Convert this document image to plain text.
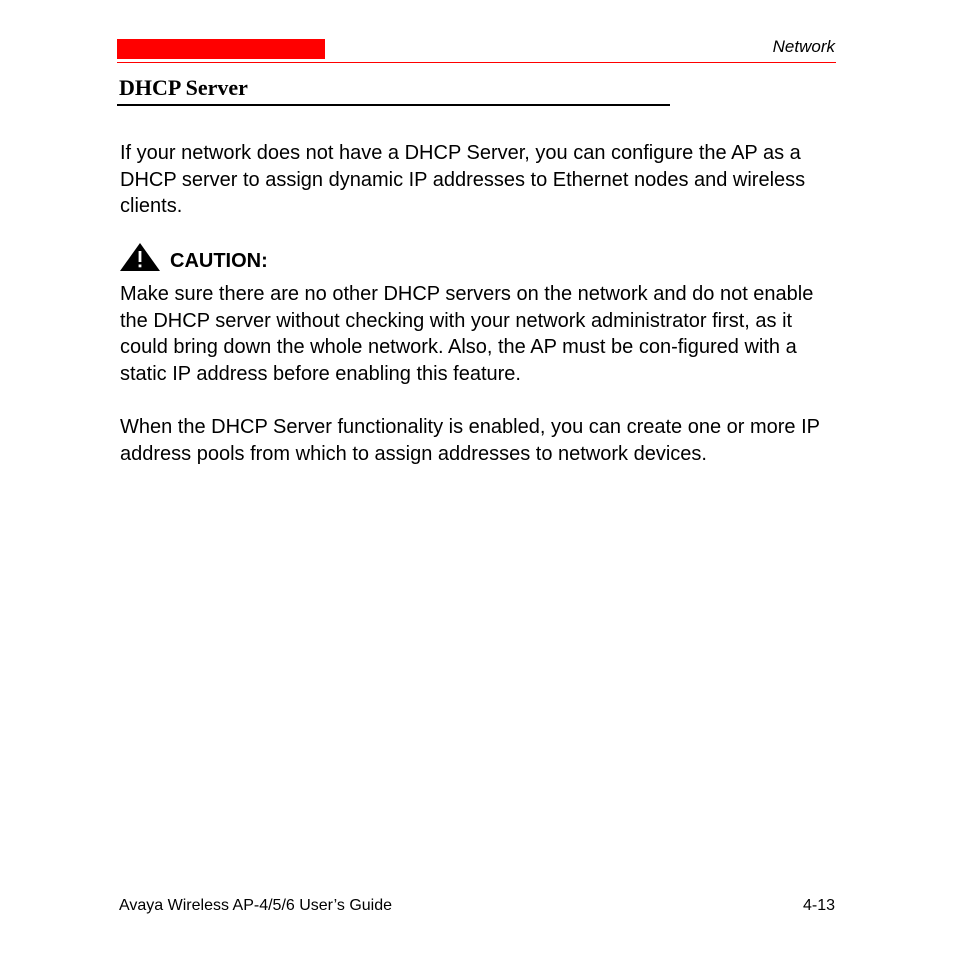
Network
DHCP Server

If your network does not have a DHCP Server, you can configure the AP as a DHCP server to assign dynamic IP addresses to Ethernet nodes and wireless clients.

CAUTION:

Make sure there are no other DHCP servers on the network and do not enable the DHCP server without checking with your network administrator first, as it could bring down the whole network. Also, the AP must be con-figured with a static IP address before enabling this feature.

When the DHCP Server functionality is enabled, you can create one or more IP address pools from which to assign addresses to network devices.

Avaya Wireless AP-4/5/6 User’s Guide	4-13
